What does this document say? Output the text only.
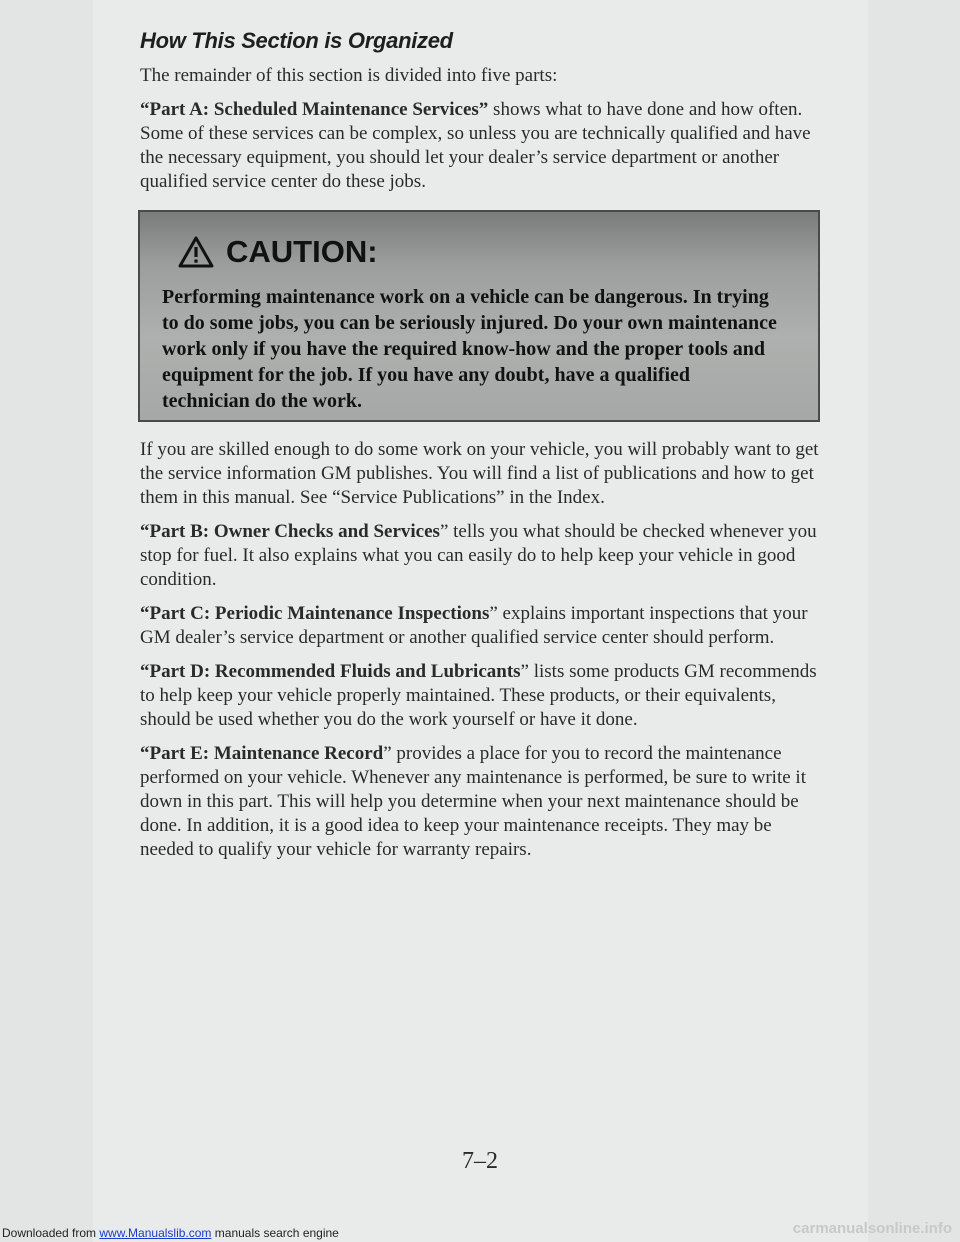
How This Section is Organized

The remainder of this section is divided into five parts:

“Part A: Scheduled Maintenance Services” shows what to have done and how often. Some of these services can be complex, so unless you are technically qualified and have the necessary equipment, you should let your dealer’s service department or another qualified service center do these jobs.

CAUTION:
Performing maintenance work on a vehicle can be dangerous. In trying to do some jobs, you can be seriously injured. Do your own maintenance work only if you have the required know-how and the proper tools and equipment for the job. If you have any doubt, have a qualified technician do the work.

If you are skilled enough to do some work on your vehicle, you will probably want to get the service information GM publishes. You will find a list of publications and how to get them in this manual. See “Service Publications” in the Index.

“Part B: Owner Checks and Services” tells you what should be checked whenever you stop for fuel. It also explains what you can easily do to help keep your vehicle in good condition.

“Part C: Periodic Maintenance Inspections” explains important inspections that your GM dealer’s service department or another qualified service center should perform.

“Part D: Recommended Fluids and Lubricants” lists some products GM recommends to help keep your vehicle properly maintained. These products, or their equivalents, should be used whether you do the work yourself or have it done.

“Part E: Maintenance Record” provides a place for you to record the maintenance performed on your vehicle. Whenever any maintenance is performed, be sure to write it down in this part. This will help you determine when your next maintenance should be done. In addition, it is a good idea to keep your maintenance receipts. They may be needed to qualify your vehicle for warranty repairs.

7–2
Downloaded from www.Manualslib.com manuals search engine	carmanualsonline.info
